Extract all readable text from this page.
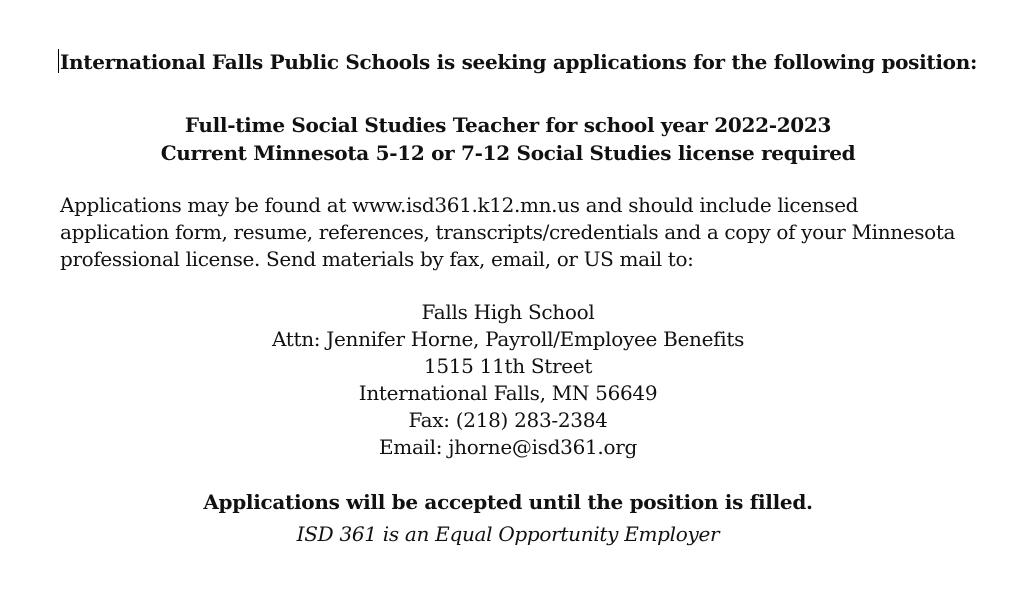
International Falls Public Schools is seeking applications for the following position:
Full-time Social Studies Teacher for school year 2022-2023
Current Minnesota 5-12 or 7-12 Social Studies license required
Applications may be found at www.isd361.k12.mn.us and should include licensed
application form, resume, references, transcripts/credentials and a copy of your Minnesota
professional license. Send materials by fax, email, or US mail to:
Falls High School
Attn: Jennifer Horne, Payroll/Employee Benefits
1515 11th Street
International Falls, MN 56649
Fax: (218) 283-2384
Email: jhorne@isd361.org
Applications will be accepted until the position is filled.
ISD 361 is an Equal Opportunity Employer
